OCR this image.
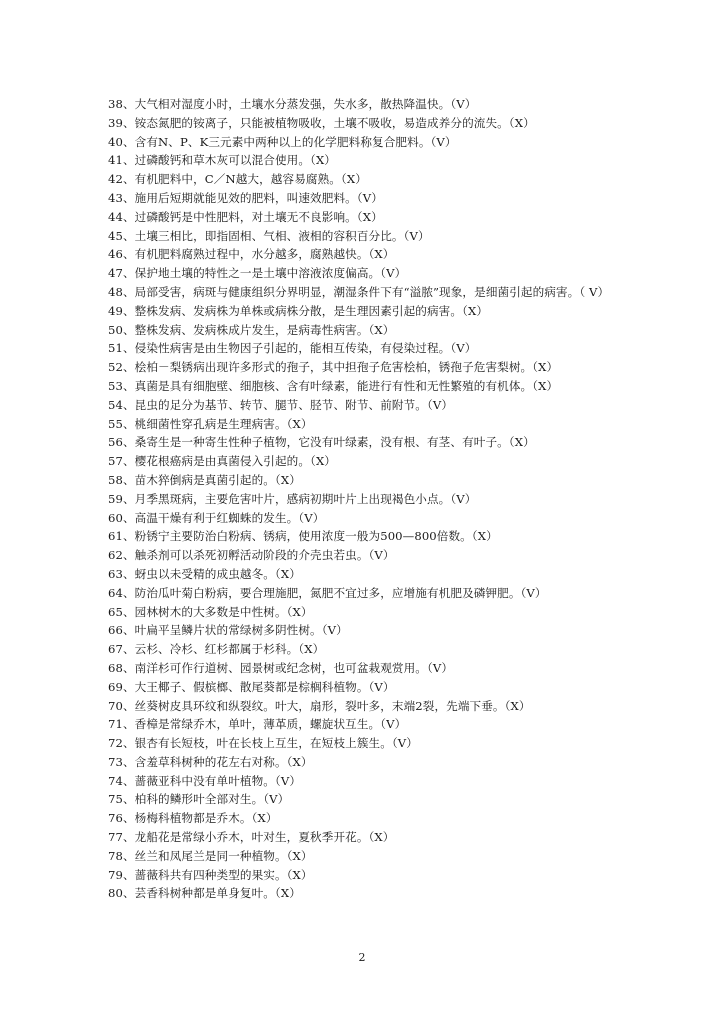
38、大气相对湿度小时，土壤水分蒸发强，失水多，散热降温快。（V）
39、铵态氮肥的铵离子，只能被植物吸收，土壤不吸收，易造成养分的流失。（X）
40、含有N、P、K三元素中两种以上的化学肥料称复合肥料。（V）
41、过磷酸钙和草木灰可以混合使用。（X）
42、有机肥料中，C／N越大，越容易腐熟。（X）
43、施用后短期就能见效的肥料，叫速效肥料。（V）
44、过磷酸钙是中性肥料，对土壤无不良影响。（X）
45、土壤三相比，即指固相、气相、液相的容积百分比。（V）
46、有机肥料腐熟过程中，水分越多，腐熟越快。（X）
47、保护地土壤的特性之一是土壤中溶液浓度偏高。（V）
48、局部受害，病斑与健康组织分界明显，潮湿条件下有“溢脓”现象，是细菌引起的病害。（ V）
49、整株发病、发病株为单株或病株分散，是生理因素引起的病害。（X）
50、整株发病、发病株成片发生，是病毒性病害。（X）
51、侵染性病害是由生物因子引起的，能相互传染，有侵染过程。（V）
52、桧柏－梨锈病出现许多形式的孢子，其中担孢子危害桧柏，锈孢子危害梨树。（X）
53、真菌是具有细胞壁、细胞核、含有叶绿素，能进行有性和无性繁殖的有机体。（X）
54、昆虫的足分为基节、转节、腿节、胫节、附节、前附节。（V）
55、桃细菌性穿孔病是生理病害。（X）
56、桑寄生是一种寄生性种子植物，它没有叶绿素，没有根、有茎、有叶子。（X）
57、樱花根癌病是由真菌侵入引起的。（X）
58、苗木猝倒病是真菌引起的。（X）
59、月季黑斑病，主要危害叶片，感病初期叶片上出现褐色小点。（V）
60、高温干燥有利于红蜘蛛的发生。（V）
61、粉锈宁主要防治白粉病、锈病，使用浓度一般为500—800倍数。（X）
62、触杀剂可以杀死初孵活动阶段的介壳虫若虫。（V）
63、蚜虫以未受精的成虫越冬。（X）
64、防治瓜叶菊白粉病，要合理施肥，氮肥不宜过多，应增施有机肥及磷钾肥。（V）
65、园林树木的大多数是中性树。（X）
66、叶扁平呈鳞片状的常绿树多阴性树。（V）
67、云杉、冷杉、红杉都属于杉科。（X）
68、南洋杉可作行道树、园景树或纪念树，也可盆栽观赏用。（V）
69、大王椰子、假槟榔、散尾葵都是棕榈科植物。（V）
70、丝葵树皮具环纹和纵裂纹。叶大，扇形，裂叶多，末端2裂，先端下垂。（X）
71、香樟是常绿乔木，单叶，薄革质，螺旋状互生。（V）
72、银杏有长短枝，叶在长枝上互生，在短枝上簇生。（V）
73、含羞草科树种的花左右对称。（X）
74、蔷薇亚科中没有单叶植物。（V）
75、柏科的鳞形叶全部对生。（V）
76、杨梅科植物都是乔木。（X）
77、龙船花是常绿小乔木，叶对生，夏秋季开花。（X）
78、丝兰和凤尾兰是同一种植物。（X）
79、蔷薇科共有四种类型的果实。（X）
80、芸香科树种都是单身复叶。（X）
2
